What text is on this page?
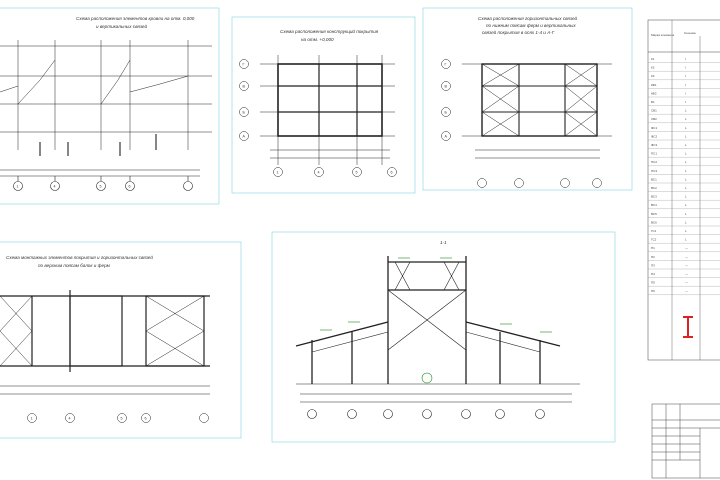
Схема расположения элементов кровли на отм. 0,000
и вертикальных связей
1	4	5	6
Схема расположения конструкций покрытия
на отм. +0,000
Г
В
Б
А
1	4	5	6
Схема расположения горизонтальных связей
по нижним поясам ферм и вертикальных
связей покрытия в осях 1-4 и А-Г
Г
В
Б
А
Марка элемента	Сечение
К1	I
К2	I
К3	I
КФ1	I
КФ2	I
Б1	I
СВ1	L
СВ2	L
ФС1	L
ФС2	L
ФС3	L
ПС1	L
ПС2	L
ПС3	L
ВС1	L
ВС2	L
ВС3	L
ВС4	L
ВС5	L
ВС6	L
ГС1	L
ГС2	L
П1	—
П2	—
П3	—
П4	—
П5	—
П6	—
Схема монтажных элементов покрытия и горизонтальных связей
по верхним поясам балок и ферм
1	4	5	6
1-1
